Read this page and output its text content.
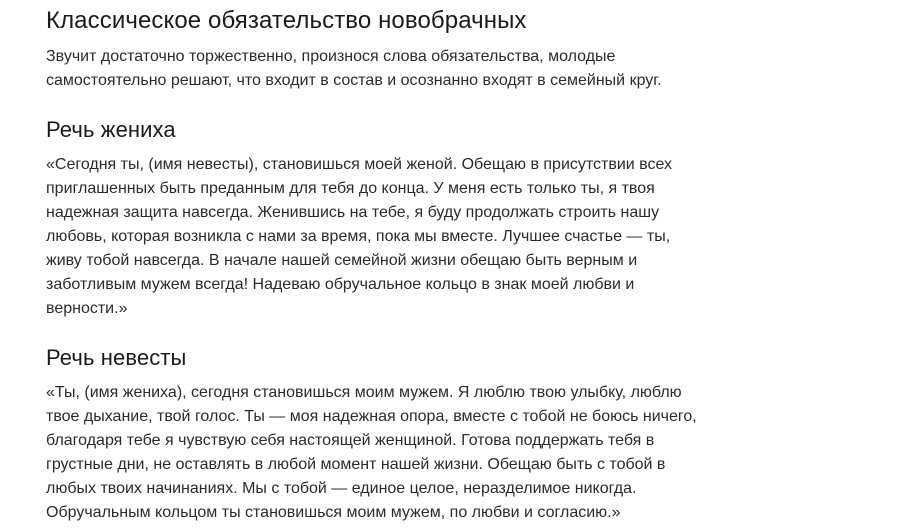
Классическое обязательство новобрачных

Звучит достаточно торжественно, произнося слова обязательства, молодые
самостоятельно решают, что входит в состав и осознанно входят в семейный круг.

Речь жениха

«Сегодня ты, (имя невесты), становишься моей женой. Обещаю в присутствии всех
приглашенных быть преданным для тебя до конца. У меня есть только ты, я твоя
надежная защита навсегда. Женившись на тебе, я буду продолжать строить нашу
любовь, которая возникла с нами за время, пока мы вместе. Лучшее счастье — ты,
живу тобой навсегда. В начале нашей семейной жизни обещаю быть верным и
заботливым мужем всегда! Надеваю обручальное кольцо в знак моей любви и
верности.»

Речь невесты

«Ты, (имя жениха), сегодня становишься моим мужем. Я люблю твою улыбку, люблю
твое дыхание, твой голос. Ты — моя надежная опора, вместе с тобой не боюсь ничего,
благодаря тебе я чувствую себя настоящей женщиной. Готова поддержать тебя в
грустные дни, не оставлять в любой момент нашей жизни. Обещаю быть с тобой в
любых твоих начинаниях. Мы с тобой — единое целое, неразделимое никогда.
Обручальным кольцом ты становишься моим мужем, по любви и согласию.»
